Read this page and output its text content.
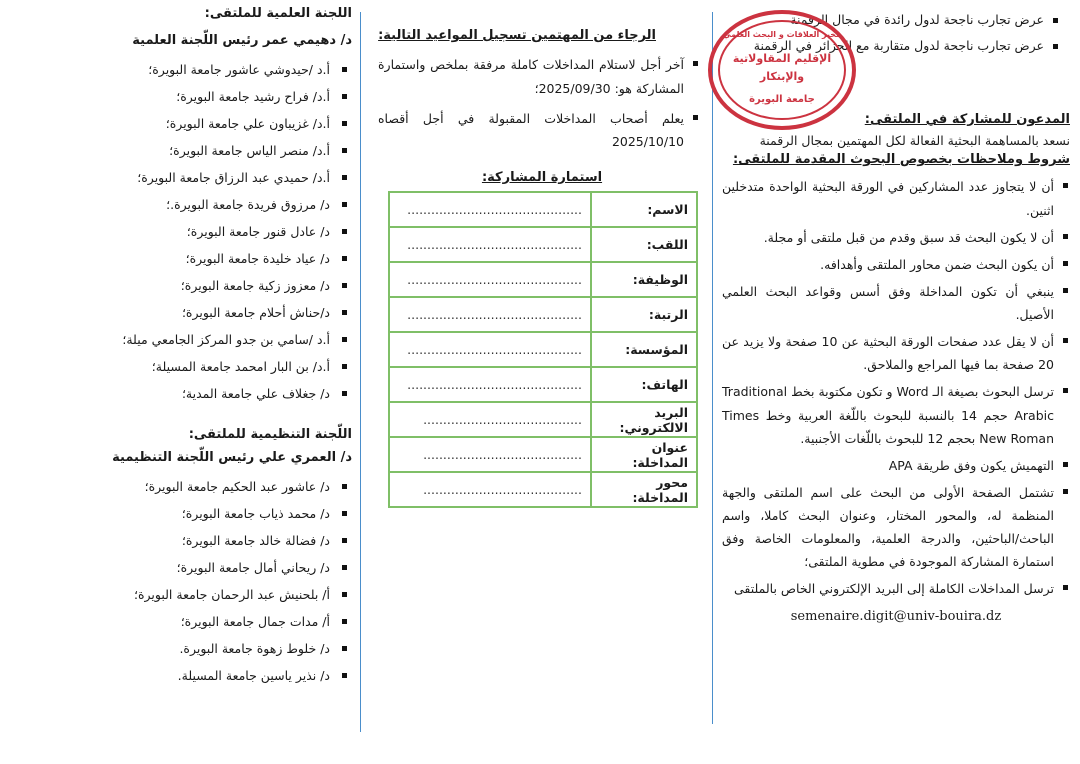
عرض تجارب ناجحة لدول رائدة في مجال الرقمنة
عرض تجارب ناجحة لدول متقاربة مع الجزائر في الرقمنة
المدعون للمشاركة في الملتقى:
نسعد بالمساهمة البحثية الفعالة لكل المهتمين بمجال الرقمنة
شروط وملاحظات بخصوص البحوث المقدمة للملتقى:
أن لا يتجاوز عدد المشاركين في الورقة البحثية الواحدة متدخلين اثنين.
أن لا يكون البحث قد سبق وقدم من قبل ملتقى أو مجلة.
أن يكون البحث ضمن محاور الملتقى وأهدافه.
ينبغي أن تكون المداخلة وفق أسس وقواعد البحث العلمي الأصيل.
أن لا يقل عدد صفحات الورقة البحثية عن 10 صفحة ولا يزيد عن 20 صفحة بما فيها المراجع والملاحق.
ترسل البحوث بصيغة الـ Word و تكون مكتوبة بخط Traditional Arabic حجم 14 بالنسبة للبحوث باللّغة العربية وخط Times New Roman بحجم 12 للبحوث باللّغات الأجنبية.
التهميش يكون وفق طريقة APA
تشتمل الصفحة الأولى من البحث على اسم الملتقى والجهة المنظمة له، والمحور المختار، وعنوان البحث كاملا، واسم الباحث/الباحثين، والدرجة العلمية، والمعلومات الخاصة وفق استمارة المشاركة الموجودة في مطوية الملتقى؛
ترسل المداخلات الكاملة إلى البريد الإلكتروني الخاص بالملتقى
semenaire.digit@univ-bouira.dz
الإقليم المقاولاتية
والإبتكار
جامعة البويرة
مخبر العلاقات و البحث العلمي
الرجاء من المهتمين تسجيل المواعيد التالية:
آخر أجل لاستلام المداخلات كاملة مرفقة بملخص واستمارة المشاركة هو: 2025/09/30؛
يعلم أصحاب المداخلات المقبولة في أجل أقصاه 2025/10/10
استمارة المشاركة:
الاسم:	............................................
اللقب:	............................................
الوظيفة:	............................................
الرتبة:	............................................
المؤسسة:	............................................
الهاتف:	............................................
البريد الالكتروني:	........................................
عنوان المداخلة:	........................................
محور المداخلة:	........................................
اللجنة العلمية للملتقى:
د/ دهيمي عمر رئيس اللّجنة العلمية
أ.د /حيدوشي عاشور جامعة البويرة؛
أ.د/ فراح رشيد جامعة البويرة؛
أ.د/ غزيباون علي جامعة البويرة؛
أ.د/ منصر الياس جامعة البويرة؛
أ.د/ حميدي عبد الرزاق جامعة البويرة؛
د/ مرزوق فريدة جامعة البويرة.؛
د/ عادل قنور جامعة البويرة؛
د/ عياد خليدة جامعة البويرة؛
د/ معزوز زكية جامعة البويرة؛
د/حناش أحلام جامعة البويرة؛
أ.د /سامي بن جدو المركز الجامعي ميلة؛
أ.د/ بن البار امحمد جامعة المسيلة؛
د/ جغلاف علي جامعة المدية؛
اللّجنة التنظيمية للملتقى:
د/ العمري علي رئيس اللّجنة التنظيمية
د/ عاشور عبد الحكيم جامعة البويرة؛
د/ محمد ذياب جامعة البويرة؛
د/ فضالة خالد جامعة البويرة؛
د/ ريحاني أمال جامعة البويرة؛
أ/ بلحنيش عبد الرحمان جامعة البويرة؛
أ/ مدات جمال جامعة البويرة؛
د/ خلوط زهوة جامعة البويرة.
د/ نذير ياسين جامعة المسيلة.
